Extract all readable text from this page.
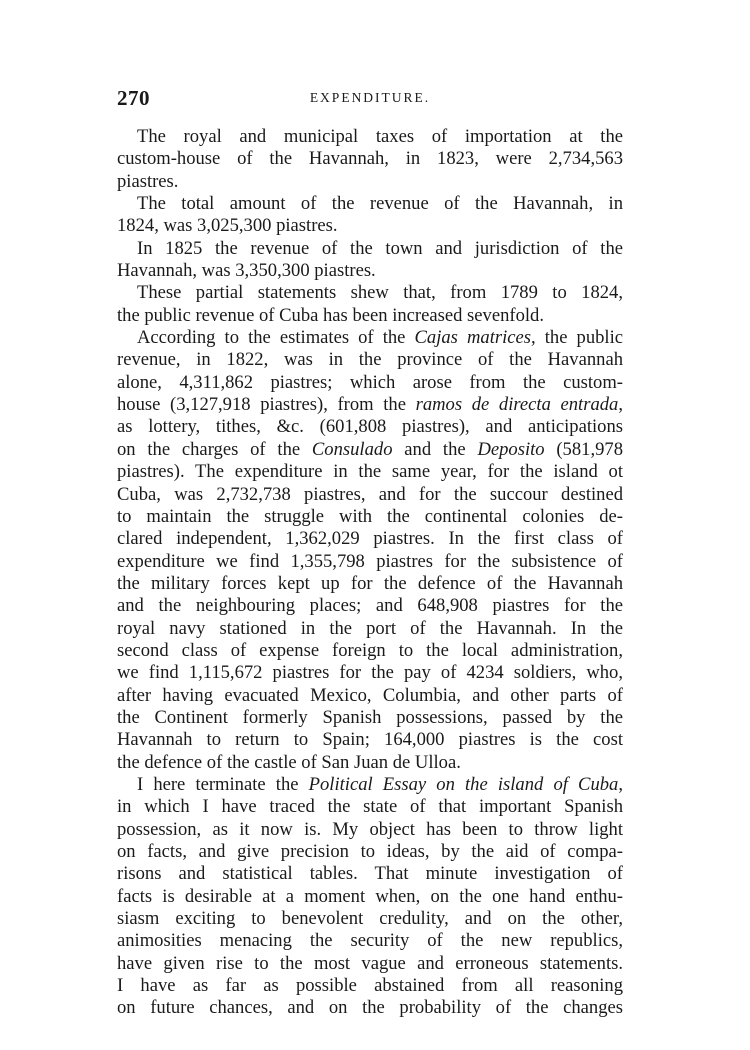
270	EXPENDITURE.
The royal and municipal taxes of importation at the
custom-house of the Havannah, in 1823, were 2,734,563
piastres.
The total amount of the revenue of the Havannah, in
1824, was 3,025,300 piastres.
In 1825 the revenue of the town and jurisdiction of the
Havannah, was 3,350,300 piastres.
These partial statements shew that, from 1789 to 1824,
the public revenue of Cuba has been increased sevenfold.
According to the estimates of the Cajas matrices, the public
revenue, in 1822, was in the province of the Havannah
alone, 4,311,862 piastres; which arose from the custom-
house (3,127,918 piastres), from the ramos de directa entrada,
as lottery, tithes, &c. (601,808 piastres), and anticipations
on the charges of the Consulado and the Deposito (581,978
piastres). The expenditure in the same year, for the island ot
Cuba, was 2,732,738 piastres, and for the succour destined
to maintain the struggle with the continental colonies de-
clared independent, 1,362,029 piastres. In the first class of
expenditure we find 1,355,798 piastres for the subsistence of
the military forces kept up for the defence of the Havannah
and the neighbouring places; and 648,908 piastres for the
royal navy stationed in the port of the Havannah. In the
second class of expense foreign to the local administration,
we find 1,115,672 piastres for the pay of 4234 soldiers, who,
after having evacuated Mexico, Columbia, and other parts of
the Continent formerly Spanish possessions, passed by the
Havannah to return to Spain; 164,000 piastres is the cost
the defence of the castle of San Juan de Ulloa.
I here terminate the Political Essay on the island of Cuba,
in which I have traced the state of that important Spanish
possession, as it now is. My object has been to throw light
on facts, and give precision to ideas, by the aid of compa-
risons and statistical tables. That minute investigation of
facts is desirable at a moment when, on the one hand enthu-
siasm exciting to benevolent credulity, and on the other,
animosities menacing the security of the new republics,
have given rise to the most vague and erroneous statements.
I have as far as possible abstained from all reasoning
on future chances, and on the probability of the changes
